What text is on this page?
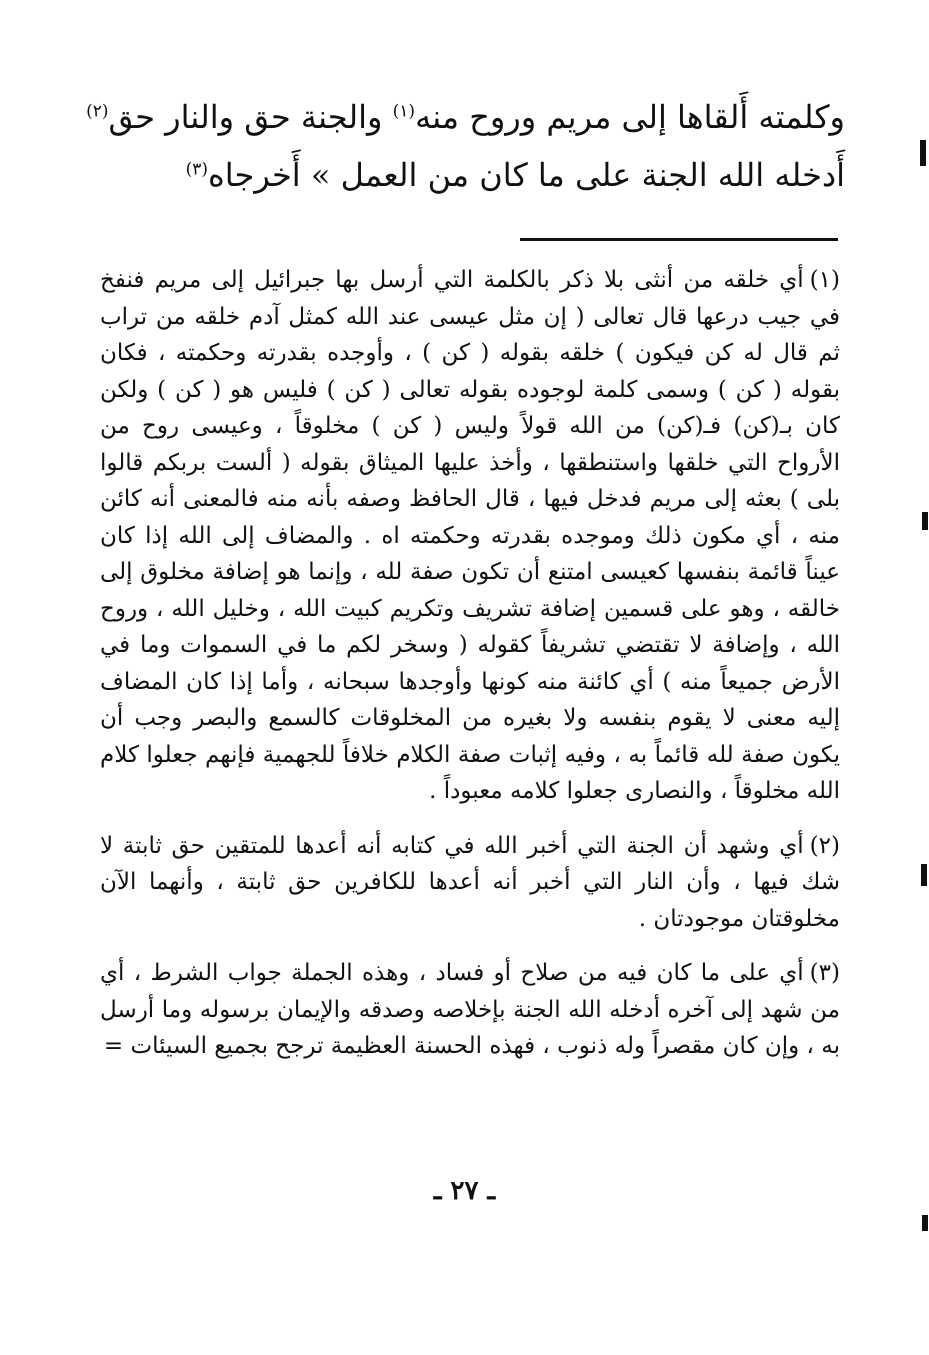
وكلمته أَلقاها إلى مريم وروح منه$^{(١)}$ والجنة حق والنار حق$^{(٢)}$
أَدخله الله الجنة على ما كان من العمل » أَخرجاه$^{(٣)}$

(١)أي خلقه من أنثى بلا ذكر بالكلمة التي أرسل بها جبرائيل إلى مريم فنفخ في جيب درعها قال تعالى ( إن مثل عيسى عند الله كمثل آدم خلقه من تراب ثم قال له كن فيكون ) خلقه بقوله ( كن ) ، وأوجده بقدرته وحكمته ، فكان بقوله ( كن ) وسمى كلمة لوجوده بقوله تعالى ( كن ) فليس هو ( كن ) ولكن كان بـ(كن) فـ(كن) من الله قولاً وليس ( كن ) مخلوقاً ، وعيسى روح من الأرواح التي خلقها واستنطقها ، وأخذ عليها الميثاق بقوله ( ألست بربكم قالوا بلى ) بعثه إلى مريم فدخل فيها ، قال الحافظ وصفه بأنه منه فالمعنى أنه كائن منه ، أي مكون ذلك وموجده بقدرته وحكمته اه . والمضاف إلى الله إذا كان عيناً قائمة بنفسها كعيسى امتنع أن تكون صفة لله ، وإنما هو إضافة مخلوق إلى خالقه ، وهو على قسمين إضافة تشريف وتكريم كبيت الله ، وخليل الله ، وروح الله ، وإضافة لا تقتضي تشريفاً كقوله ( وسخر لكم ما في السموات وما في الأرض جميعاً منه ) أي كائنة منه كونها وأوجدها سبحانه ، وأما إذا كان المضاف إليه معنى لا يقوم بنفسه ولا بغيره من المخلوقات كالسمع والبصر وجب أن يكون صفة لله قائماً به ، وفيه إثبات صفة الكلام خلافاً للجهمية فإنهم جعلوا كلام الله مخلوقاً ، والنصارى جعلوا كلامه معبوداً .

(٢)أي وشهد أن الجنة التي أخبر الله في كتابه أنه أعدها للمتقين حق ثابتة لا شك فيها ، وأن النار التي أخبر أنه أعدها للكافرين حق ثابتة ، وأنهما الآن مخلوقتان موجودتان .

(٣)أي على ما كان فيه من صلاح أو فساد ، وهذه الجملة جواب الشرط ، أي من شهد إلى آخره أدخله الله الجنة بإخلاصه وصدقه والإيمان برسوله وما أرسل به ، وإن كان مقصراً وله ذنوب ، فهذه الحسنة العظيمة ترجح بجميع السيئات =

ـ ٢٧ ـ
